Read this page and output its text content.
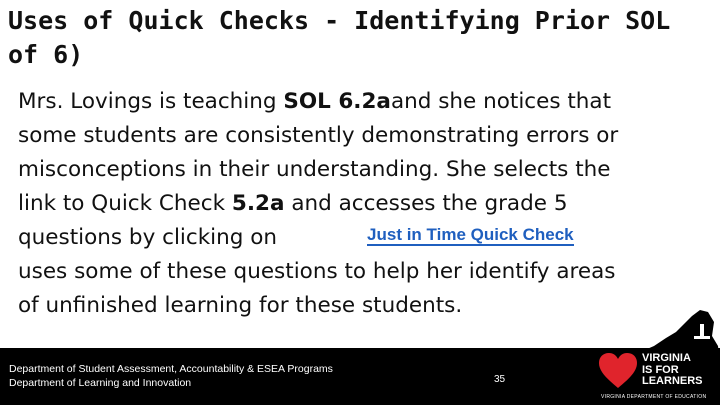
Uses of Quick Checks - Identifying Prior SOL
of 6)
Mrs. Lovings is teaching SOL 6.2aand she notices that
some students are consistently demonstrating errors or
misconceptions in their understanding. She selects the
link to Quick Check 5.2a and accesses the grade 5
questions by clicking on	Just in Time Quick Check
uses some of these questions to help her identify areas
of unfinished learning for these students.
Department of Student Assessment, Accountability & ESEA Programs
Department of Learning and Innovation	35
VIRGINIA
IS FOR
LEARNERS
VIRGINIA DEPARTMENT OF EDUCATION
